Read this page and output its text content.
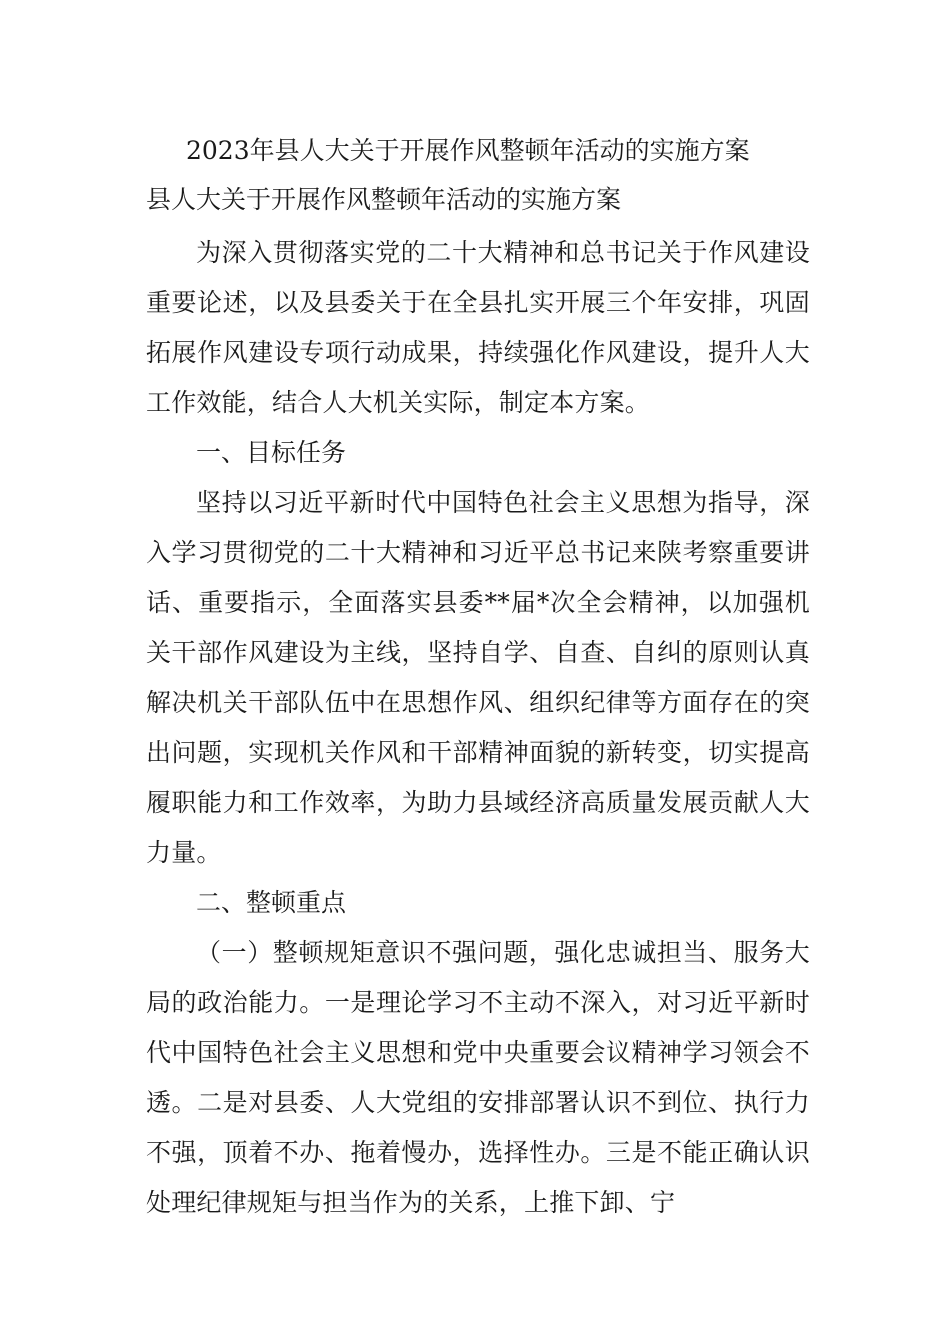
2023年县人大关于开展作风整顿年活动的实施方案
县人大关于开展作风整顿年活动的实施方案

为深入贯彻落实党的二十大精神和总书记关于作风建设重要论述，以及县委关于在全县扎实开展三个年安排，巩固拓展作风建设专项行动成果，持续强化作风建设，提升人大工作效能，结合人大机关实际，制定本方案。

一、目标任务

坚持以习近平新时代中国特色社会主义思想为指导，深入学习贯彻党的二十大精神和习近平总书记来陕考察重要讲话、重要指示，全面落实县委**届*次全会精神，以加强机关干部作风建设为主线，坚持自学、自查、自纠的原则认真解决机关干部队伍中在思想作风、组织纪律等方面存在的突出问题，实现机关作风和干部精神面貌的新转变，切实提高履职能力和工作效率，为助力县域经济高质量发展贡献人大力量。

二、整顿重点

（一）整顿规矩意识不强问题，强化忠诚担当、服务大局的政治能力。一是理论学习不主动不深入，对习近平新时代中国特色社会主义思想和党中央重要会议精神学习领会不透。二是对县委、人大党组的安排部署认识不到位、执行力不强，顶着不办、拖着慢办，选择性办。三是不能正确认识处理纪律规矩与担当作为的关系，上推下卸、宁
